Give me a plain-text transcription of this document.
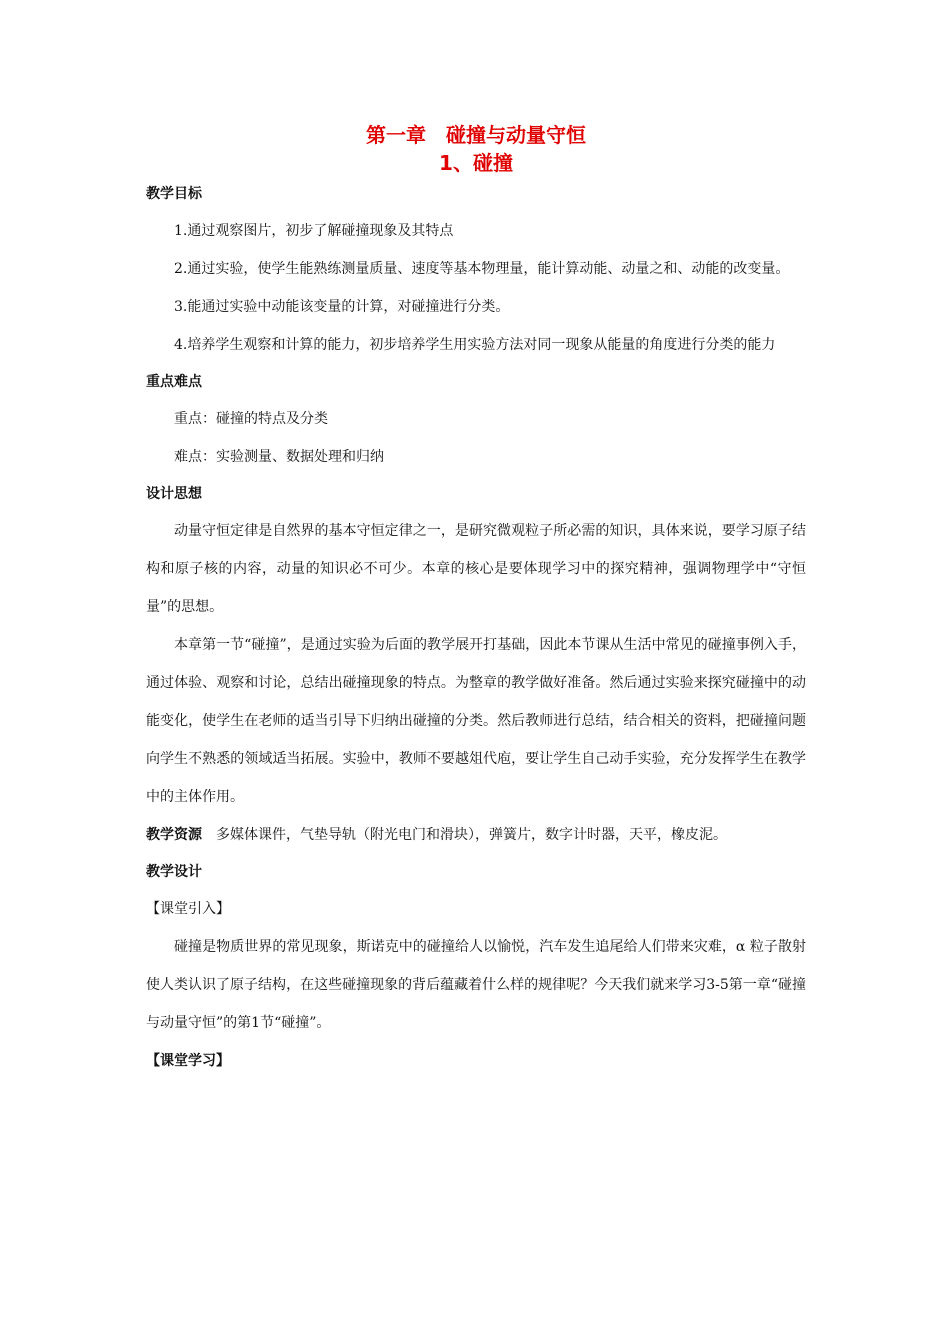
第一章　碰撞与动量守恒
1、碰撞
教学目标
1.通过观察图片，初步了解碰撞现象及其特点
2.通过实验，使学生能熟练测量质量、速度等基本物理量，能计算动能、动量之和、动能的改变量。
3.能通过实验中动能该变量的计算，对碰撞进行分类。
4.培养学生观察和计算的能力，初步培养学生用实验方法对同一现象从能量的角度进行分类的能力
重点难点
重点：碰撞的特点及分类
难点：实验测量、数据处理和归纳
设计思想
动量守恒定律是自然界的基本守恒定律之一，是研究微观粒子所必需的知识，具体来说，要学习原子结构和原子核的内容，动量的知识必不可少。本章的核心是要体现学习中的探究精神，强调物理学中“守恒量”的思想。
本章第一节“碰撞”，是通过实验为后面的教学展开打基础，因此本节课从生活中常见的碰撞事例入手，通过体验、观察和讨论，总结出碰撞现象的特点。为整章的教学做好准备。然后通过实验来探究碰撞中的动能变化，使学生在老师的适当引导下归纳出碰撞的分类。然后教师进行总结，结合相关的资料，把碰撞问题向学生不熟悉的领域适当拓展。实验中，教师不要越俎代庖，要让学生自己动手实验，充分发挥学生在教学中的主体作用。
教学资源　多媒体课件，气垫导轨（附光电门和滑块），弹簧片，数字计时器，天平，橡皮泥。
教学设计
【课堂引入】
碰撞是物质世界的常见现象，斯诺克中的碰撞给人以愉悦，汽车发生追尾给人们带来灾难，α 粒子散射使人类认识了原子结构，在这些碰撞现象的背后蕴藏着什么样的规律呢？今天我们就来学习3-5第一章“碰撞与动量守恒”的第1节“碰撞”。
【课堂学习】
